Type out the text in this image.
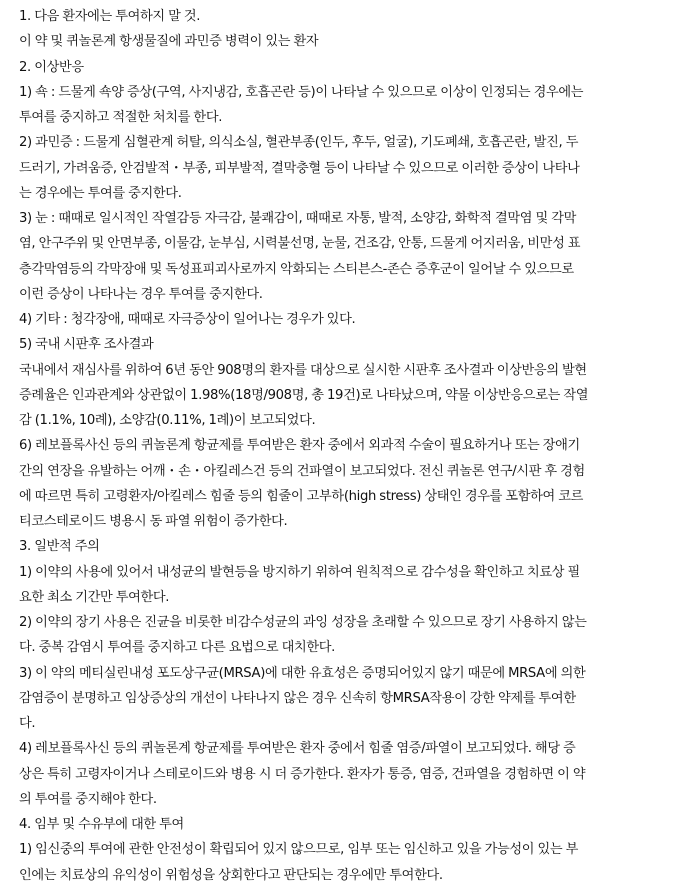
1. 다음 환자에는 투여하지 말 것.
이 약 및 퀴놀론계 항생물질에 과민증 병력이 있는 환자
2. 이상반응
1) 쇽 : 드물게 쇽양 증상(구역, 사지냉감, 호흡곤란 등)이 나타날 수 있으므로 이상이 인정되는 경우에는
투여를 중지하고 적절한 처치를 한다.
2) 과민증 : 드물게 심혈관계 허탈, 의식소실, 혈관부종(인두, 후두, 얼굴), 기도폐쇄, 호흡곤란, 발진, 두
드러기, 가려움증, 안검발적・부종, 피부발적, 결막충혈 등이 나타날 수 있으므로 이러한 증상이 나타나
는 경우에는 투여를 중지한다.
3) 눈 : 때때로 일시적인 작열감등 자극감, 불쾌감이, 때때로 자통, 발적, 소양감, 화학적 결막염 및 각막
염, 안구주위 및 안면부종, 이물감, 눈부심, 시력불선명, 눈물, 건조감, 안통, 드물게 어지러움, 비만성 표
층각막염등의 각막장애 및 독성표피괴사로까지 악화되는 스티븐스-존슨 증후군이 일어날 수 있으므로
이런 증상이 나타나는 경우 투여를 중지한다.
4) 기타 : 청각장애, 때때로 자극증상이 일어나는 경우가 있다.
5) 국내 시판후 조사결과
국내에서 재심사를 위하여 6년 동안 908명의 환자를 대상으로 실시한 시판후 조사결과 이상반응의 발현
증례율은 인과관계와 상관없이 1.98%(18명/908명, 총 19건)로 나타났으며, 약물 이상반응으로는 작열
감 (1.1%, 10례), 소양감(0.11%, 1례)이 보고되었다.
6) 레보플록사신 등의 퀴놀론계 항균제를 투여받은 환자 중에서 외과적 수술이 필요하거나 또는 장애기
간의 연장을 유발하는 어깨・손・아킬레스건 등의 건파열이 보고되었다. 전신 퀴놀론 연구/시판 후 경험
에 따르면 특히 고령환자/아킬레스 힘줄 등의 힘줄이 고부하(high stress) 상태인 경우를 포함하여 코르
티코스테로이드 병용시 동 파열 위험이 증가한다.
3. 일반적 주의
1) 이약의 사용에 있어서 내성균의 발현등을 방지하기 위하여 원칙적으로 감수성을 확인하고 치료상 필
요한 최소 기간만 투여한다.
2) 이약의 장기 사용은 진균을 비롯한 비감수성균의 과잉 성장을 초래할 수 있으므로 장기 사용하지 않는
다. 중복 감염시 투여를 중지하고 다른 요법으로 대치한다.
3) 이 약의 메티실린내성 포도상구균(MRSA)에 대한 유효성은 증명되어있지 않기 때문에 MRSA에 의한
감염증이 분명하고 임상증상의 개선이 나타나지 않은 경우 신속히 항MRSA작용이 강한 약제를 투여한
다.
4) 레보플록사신 등의 퀴놀론계 항균제를 투여받은 환자 중에서 힘줄 염증/파열이 보고되었다. 해당 증
상은 특히 고령자이거나 스테로이드와 병용 시 더 증가한다. 환자가 통증, 염증, 건파열을 경험하면 이 약
의 투여를 중지해야 한다.
4. 임부 및 수유부에 대한 투여
1) 임신중의 투여에 관한 안전성이 확립되어 있지 않으므로, 임부 또는 임신하고 있을 가능성이 있는 부
인에는 치료상의 유익성이 위험성을 상회한다고 판단되는 경우에만 투여한다.
